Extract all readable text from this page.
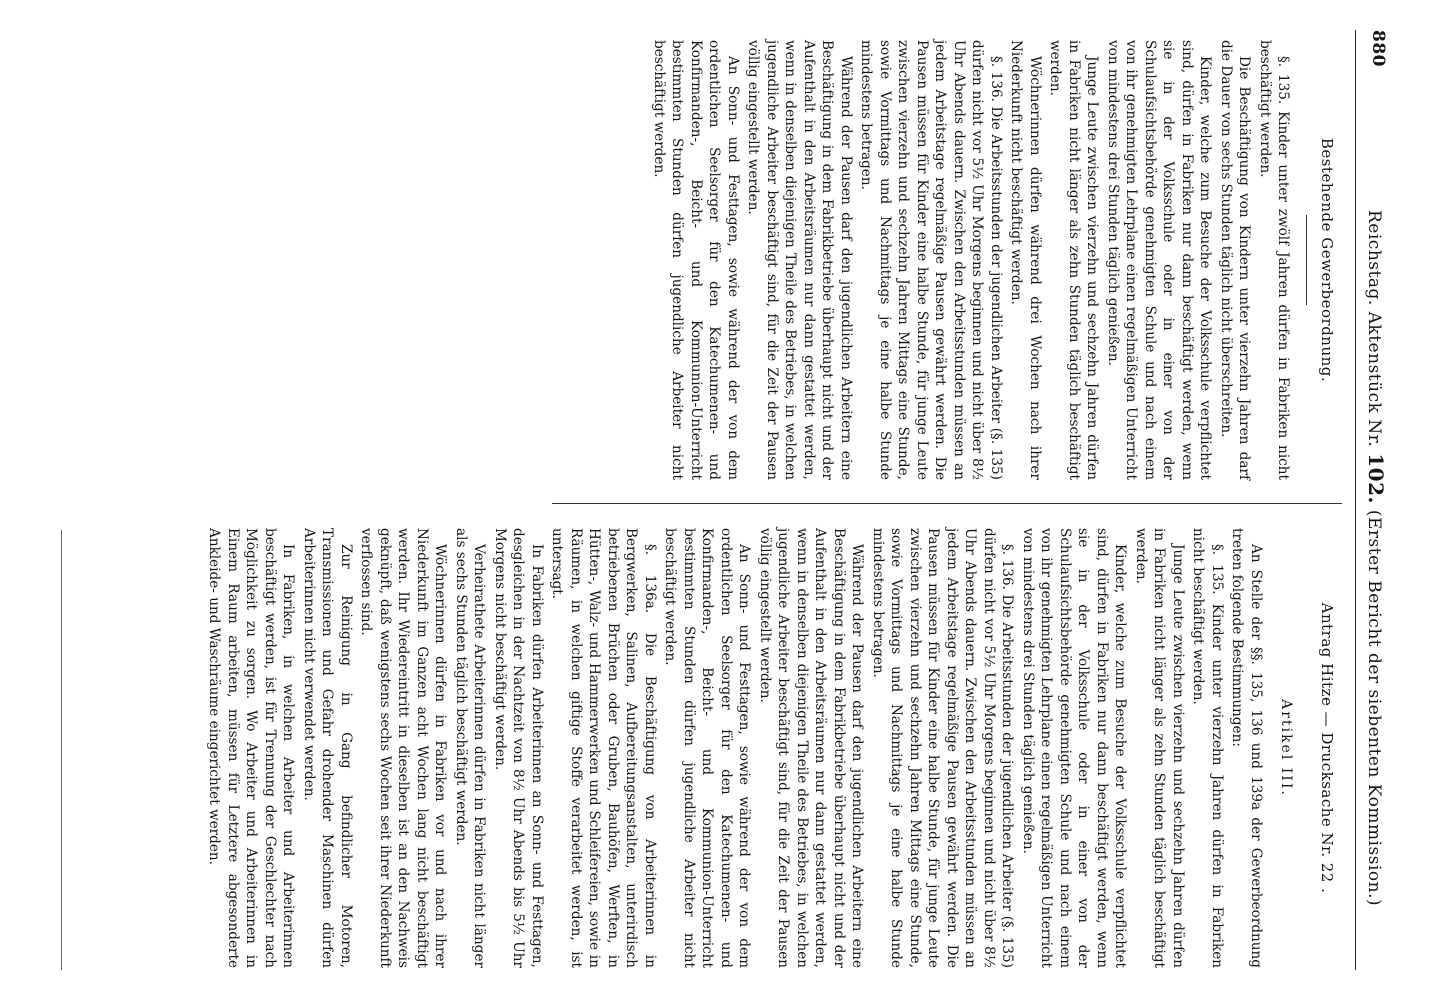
880
Reichstag. Aktenstück Nr. 102. (Erster Bericht der siebenten Kommission.)
Bestehende Gewerbeordnung.

§. 135. Kinder unter zwölf Jahren dürfen in Fabriken nicht beschäftigt werden.

Die Beschäftigung von Kindern unter vierzehn Jahren darf die Dauer von sechs Stunden täglich nicht überschreiten.

Kinder, welche zum Besuche der Volksschule verpflichtet sind, dürfen in Fabriken nur dann beschäftigt werden, wenn sie in der Volksschule oder in einer von der Schulaufsichtsbehörde genehmigten Schule und nach einem von ihr genehmigten Lehrplane einen regelmäßigen Unterricht von mindestens drei Stunden täglich genießen.

Junge Leute zwischen vierzehn und sechzehn Jahren dürfen in Fabriken nicht länger als zehn Stunden täglich beschäftigt werden.

Wöchnerinnen dürfen während drei Wochen nach ihrer Niederkunft nicht beschäftigt werden.

§. 136. Die Arbeitsstunden der jugendlichen Arbeiter (§. 135) dürfen nicht vor 5½ Uhr Morgens beginnen und nicht über 8½ Uhr Abends dauern. Zwischen den Arbeitsstunden müssen an jedem Arbeitstage regelmäßige Pausen gewährt werden. Die Pausen müssen für Kinder eine halbe Stunde, für junge Leute zwischen vierzehn und sechzehn Jahren Mittags eine Stunde, sowie Vormittags und Nachmittags je eine halbe Stunde mindestens betragen.

Während der Pausen darf den jugendlichen Arbeitern eine Beschäftigung in dem Fabrikbetriebe überhaupt nicht und der Aufenthalt in den Arbeitsräumen nur dann gestattet werden, wenn in denselben diejenigen Theile des Betriebes, in welchen jugendliche Arbeiter beschäftigt sind, für die Zeit der Pausen völlig eingestellt werden.

An Sonn- und Festtagen, sowie während der von dem ordentlichen Seelsorger für den Katechumenen- und Konfirmanden-, Beicht- und Kommunion-Unterricht bestimmten Stunden dürfen jugendliche Arbeiter nicht beschäftigt werden.

Antrag Hitze — Drucksache Nr. 22 .
Artikel III.

An Stelle der §§. 135, 136 und 139a der Gewerbeordnung treten folgende Bestimmungen:

§. 135. Kinder unter vierzehn Jahren dürfen in Fabriken nicht beschäftigt werden.

Junge Leute zwischen vierzehn und sechzehn Jahren dürfen in Fabriken nicht länger als zehn Stunden täglich beschäftigt werden.

Kinder, welche zum Besuche der Volksschule verpflichtet sind, dürfen in Fabriken nur dann beschäftigt werden, wenn sie in der Volksschule oder in einer von der Schulaufsichtsbehörde genehmigten Schule und nach einem von ihr genehmigten Lehrplane einen regelmäßigen Unterricht von mindestens drei Stunden täglich genießen.

§. 136. Die Arbeitsstunden der jugendlichen Arbeiter (§. 135) dürfen nicht vor 5½ Uhr Morgens beginnen und nicht über 8½ Uhr Abends dauern. Zwischen den Arbeitsstunden müssen an jedem Arbeitstage regelmäßige Pausen gewährt werden. Die Pausen müssen für Kinder eine halbe Stunde, für junge Leute zwischen vierzehn und sechzehn Jahren Mittags eine Stunde, sowie Vormittags und Nachmittags je eine halbe Stunde mindestens betragen.

Während der Pausen darf den jugendlichen Arbeitern eine Beschäftigung in dem Fabrikbetriebe überhaupt nicht und der Aufenthalt in den Arbeitsräumen nur dann gestattet werden, wenn in denselben diejenigen Theile des Betriebes, in welchen jugendliche Arbeiter beschäftigt sind, für die Zeit der Pausen völlig eingestellt werden.

An Sonn- und Festtagen, sowie während der von dem ordentlichen Seelsorger für den Katechumenen- und Konfirmanden-, Beicht- und Kommunion-Unterricht bestimmten Stunden dürfen jugendliche Arbeiter nicht beschäftigt werden.

§. 136a. Die Beschäftigung von Arbeiterinnen in Bergwerken, Salinen, Aufbereitungsanstalten, unterirdisch betriebenen Brüchen oder Gruben, Bauhöfen, Werften, in Hütten-, Walz- und Hammerwerken und Schleifereien, sowie in Räumen, in welchen giftige Stoffe verarbeitet werden, ist untersagt.

In Fabriken dürfen Arbeiterinnen an Sonn- und Festtagen, desgleichen in der Nachtzeit von 8½ Uhr Abends bis 5½ Uhr Morgens nicht beschäftigt werden.

Verheirathete Arbeiterinnen dürfen in Fabriken nicht länger als sechs Stunden täglich beschäftigt werden.

Wöchnerinnen dürfen in Fabriken vor und nach ihrer Niederkunft im Ganzen acht Wochen lang nicht beschäftigt werden. Ihr Wiedereintritt in dieselben ist an den Nachweis geknüpft, daß wenigstens sechs Wochen seit ihrer Niederkunft verflossen sind.

Zur Reinigung in Gang befindlicher Motoren, Transmissionen und Gefahr drohender Maschinen dürfen Arbeiterinnen nicht verwendet werden.

In Fabriken, in welchen Arbeiter und Arbeiterinnen beschäftigt werden, ist für Trennung der Geschlechter nach Möglichkeit zu sorgen. Wo Arbeiter und Arbeiterinnen in Einem Raum arbeiten, müssen für Letztere abgesonderte Ankleide- und Waschräume eingerichtet werden.
